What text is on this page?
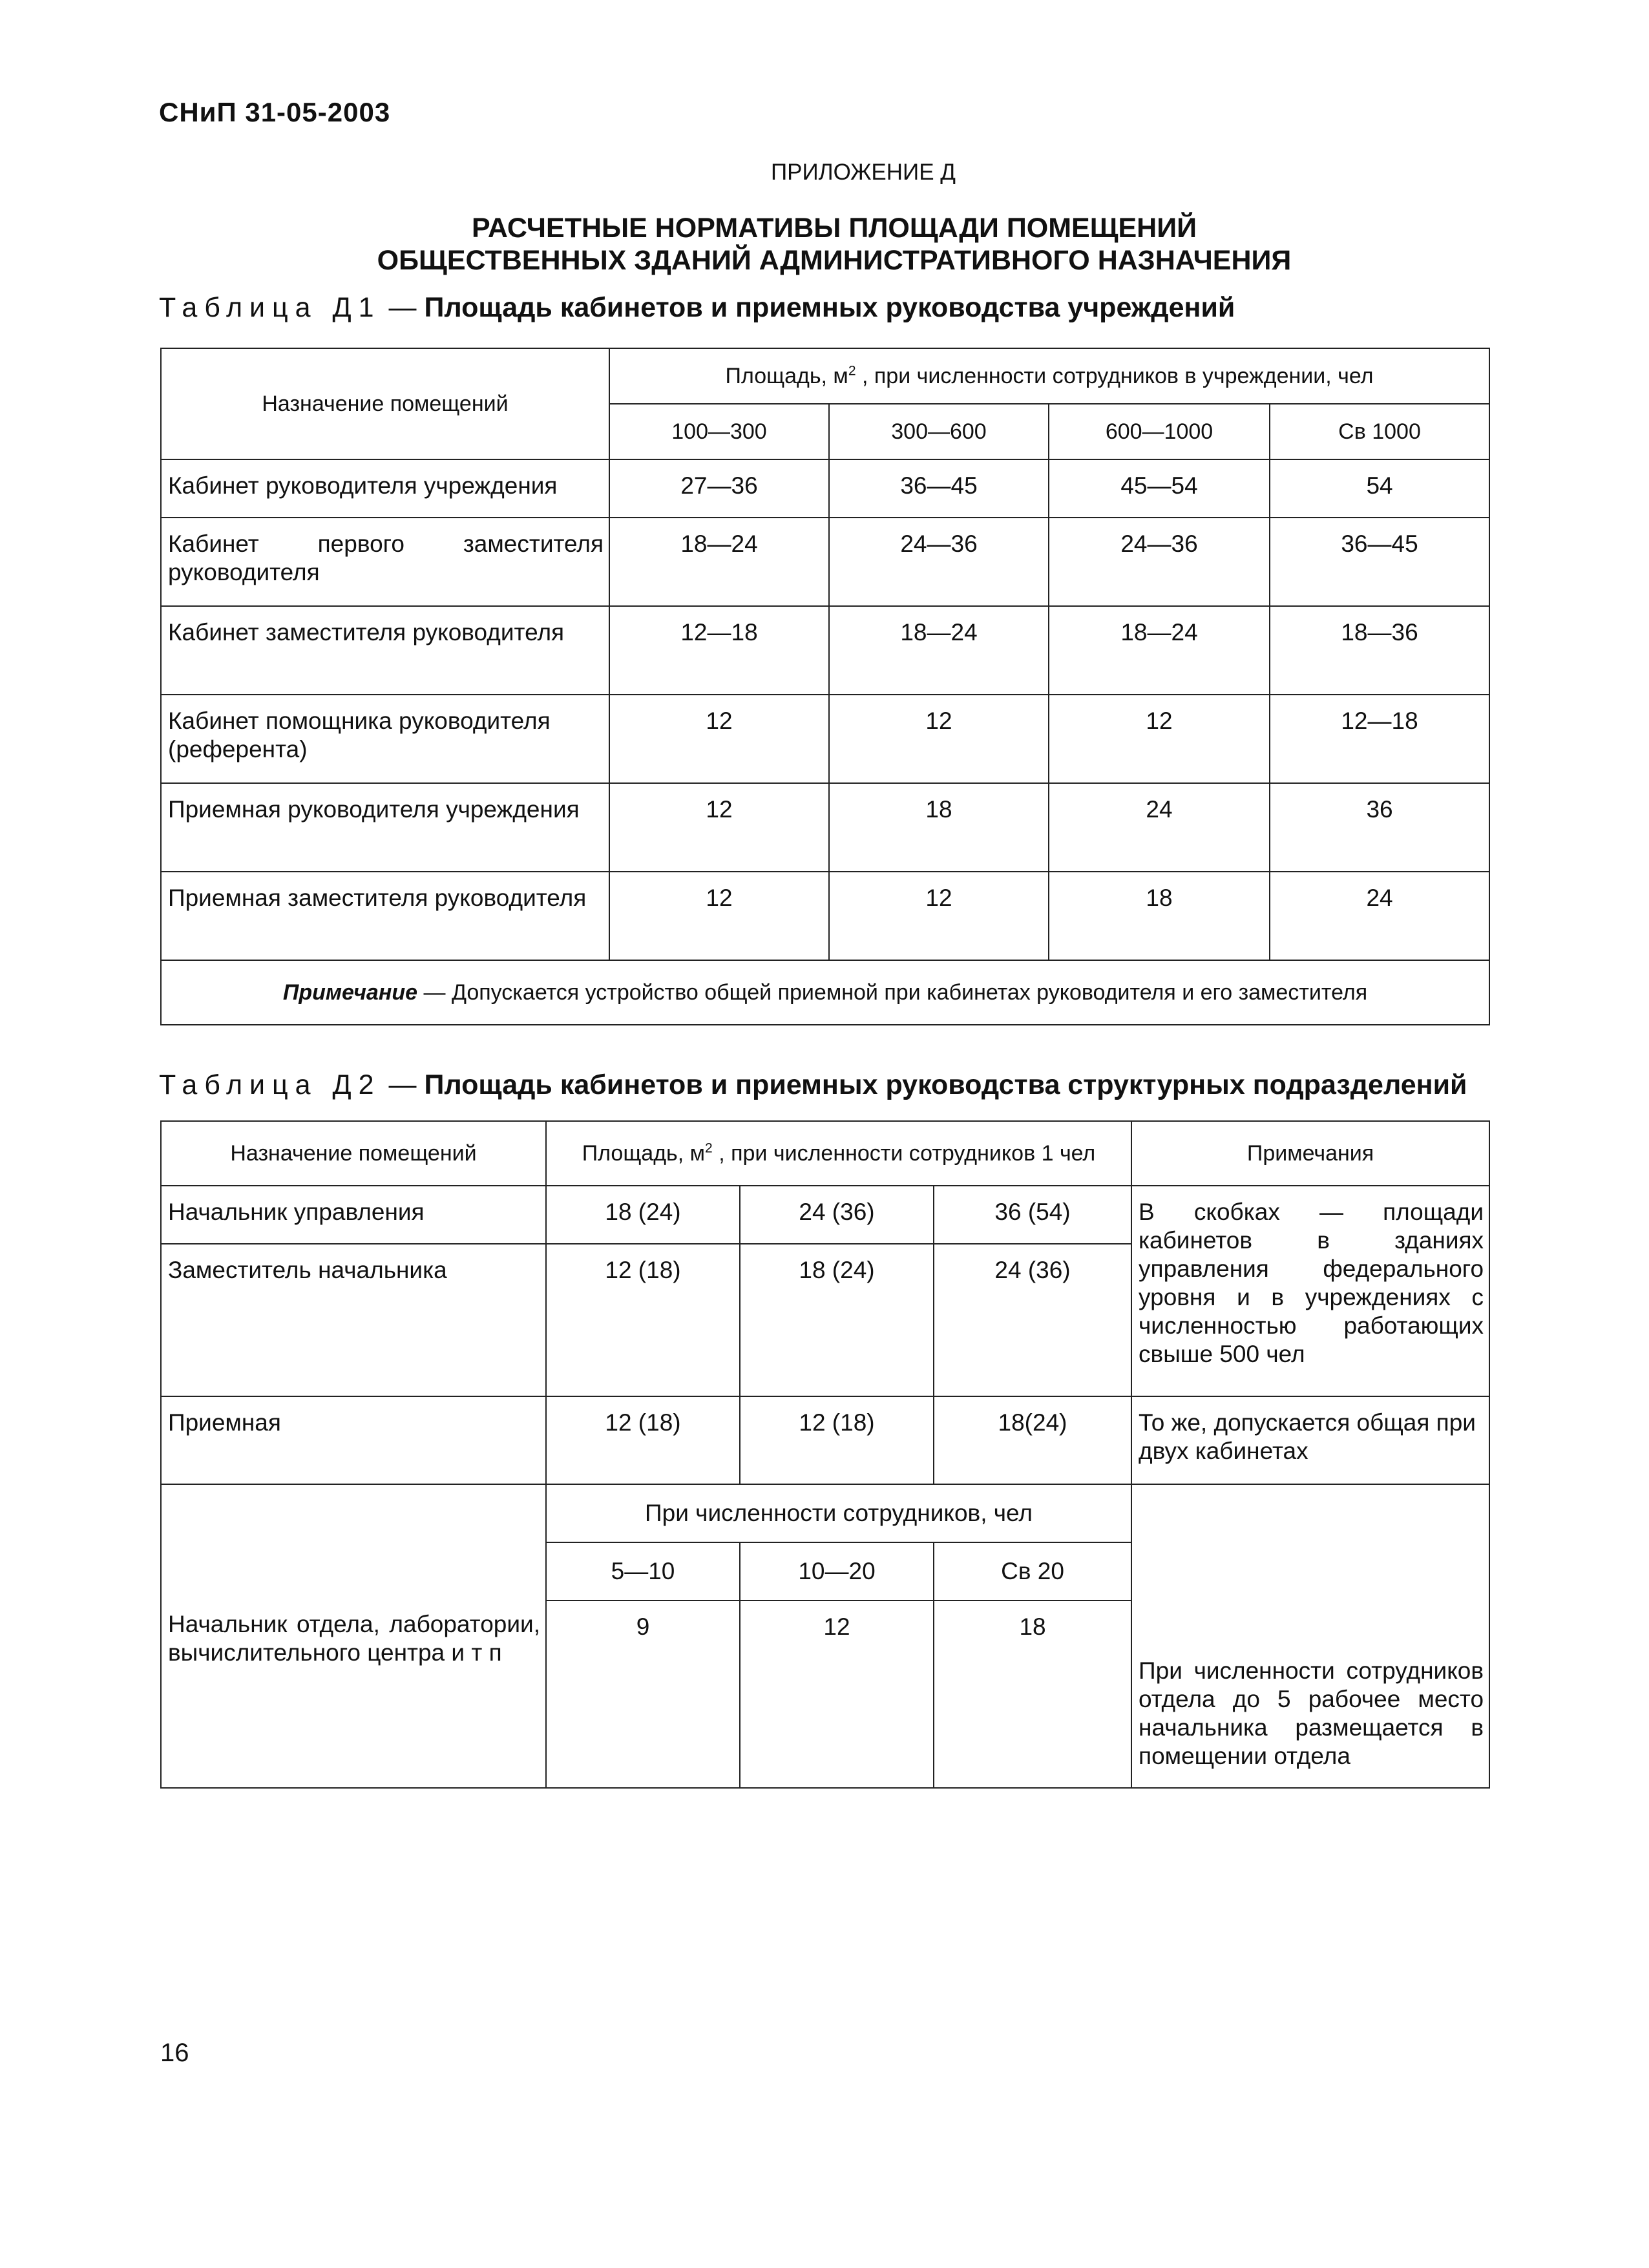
СНиП 31-05-2003
ПРИЛОЖЕНИЕ Д
РАСЧЕТНЫЕ НОРМАТИВЫ ПЛОЩАДИ ПОМЕЩЕНИЙ
ОБЩЕСТВЕННЫХ ЗДАНИЙ АДМИНИСТРАТИВНОГО НАЗНАЧЕНИЯ
Таблица Д1 — Площадь кабинетов и приемных руководства учреждений
Назначение помещений	Площадь, $м^2$ , при численности сотрудников в учреждении, чел			
	100—300	300—600	600—1000	Св 1000
Кабинет руководителя учреждения	27—36	36—45	45—54	54
Кабинет первого заместителя руководителя	18—24	24—36	24—36	36—45
Кабинет заместителя руководителя	12—18	18—24	18—24	18—36
Кабинет помощника руководителя (референта)	12	12	12	12—18
Приемная руководителя учреждения	12	18	24	36
Приемная заместителя руководителя	12	12	18	24
Примечание — Допускается устройство общей приемной при кабинетах руководителя и его заместителя				
Таблица Д2 — Площадь кабинетов и приемных руководства структурных подразделений
Назначение помещений	Площадь, $м^2$ , при численности сотрудников 1 чел			Примечания
Начальник управления	18 (24)	24 (36)	36 (54)	В скобках — площади кабинетов в зданиях управления федерального уровня и в учреждениях с численностью работающих свыше 500 чел
Заместитель начальника	12 (18)	18 (24)	24 (36)	
Приемная	12 (18)	12 (18)	18(24)	То же, допускается общая при двух кабинетах
Начальник отдела, лаборатории, вычислительного центра и т п	При численности сотрудников, чел			При численности сотрудников отдела до 5 рабочее место начальника размещается в помещении отдела
	5—10	10—20	Св 20	
	9	12	18	
16
